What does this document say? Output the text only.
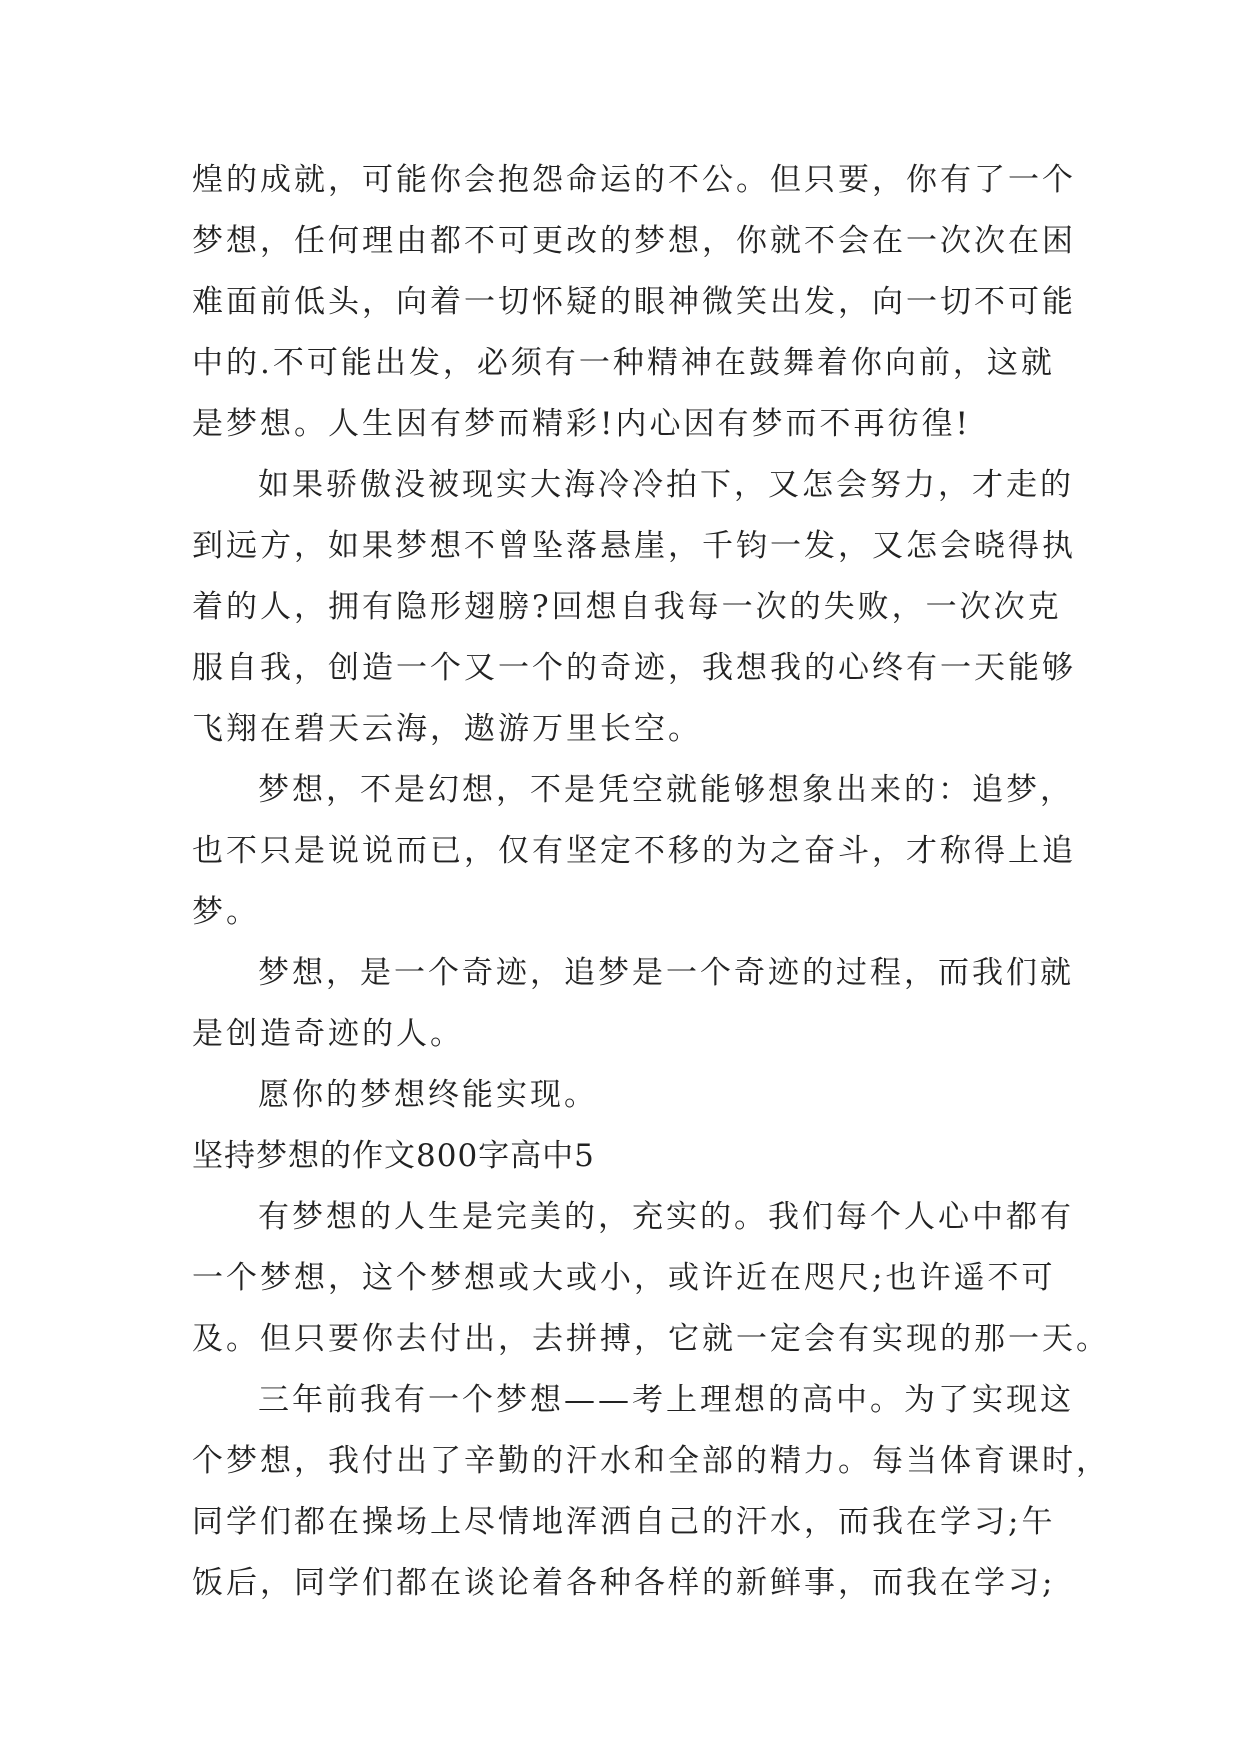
煌的成就，可能你会抱怨命运的不公。但只要，你有了一个
梦想，任何理由都不可更改的梦想，你就不会在一次次在困
难面前低头，向着一切怀疑的眼神微笑出发，向一切不可能
中的.不可能出发，必须有一种精神在鼓舞着你向前，这就
是梦想。人生因有梦而精彩!内心因有梦而不再彷徨!
如果骄傲没被现实大海冷冷拍下，又怎会努力，才走的
到远方，如果梦想不曾坠落悬崖，千钧一发，又怎会晓得执
着的人，拥有隐形翅膀?回想自我每一次的失败，一次次克
服自我，创造一个又一个的奇迹，我想我的心终有一天能够
飞翔在碧天云海，遨游万里长空。
梦想，不是幻想，不是凭空就能够想象出来的：追梦，
也不只是说说而已，仅有坚定不移的为之奋斗，才称得上追
梦。
梦想，是一个奇迹，追梦是一个奇迹的过程，而我们就
是创造奇迹的人。
愿你的梦想终能实现。
坚持梦想的作文800字高中5
有梦想的人生是完美的，充实的。我们每个人心中都有
一个梦想，这个梦想或大或小，或许近在咫尺;也许遥不可
及。但只要你去付出，去拼搏，它就一定会有实现的那一天。
三年前我有一个梦想——考上理想的高中。为了实现这
个梦想，我付出了辛勤的汗水和全部的精力。每当体育课时，
同学们都在操场上尽情地浑洒自己的汗水，而我在学习;午
饭后，同学们都在谈论着各种各样的新鲜事，而我在学习;
